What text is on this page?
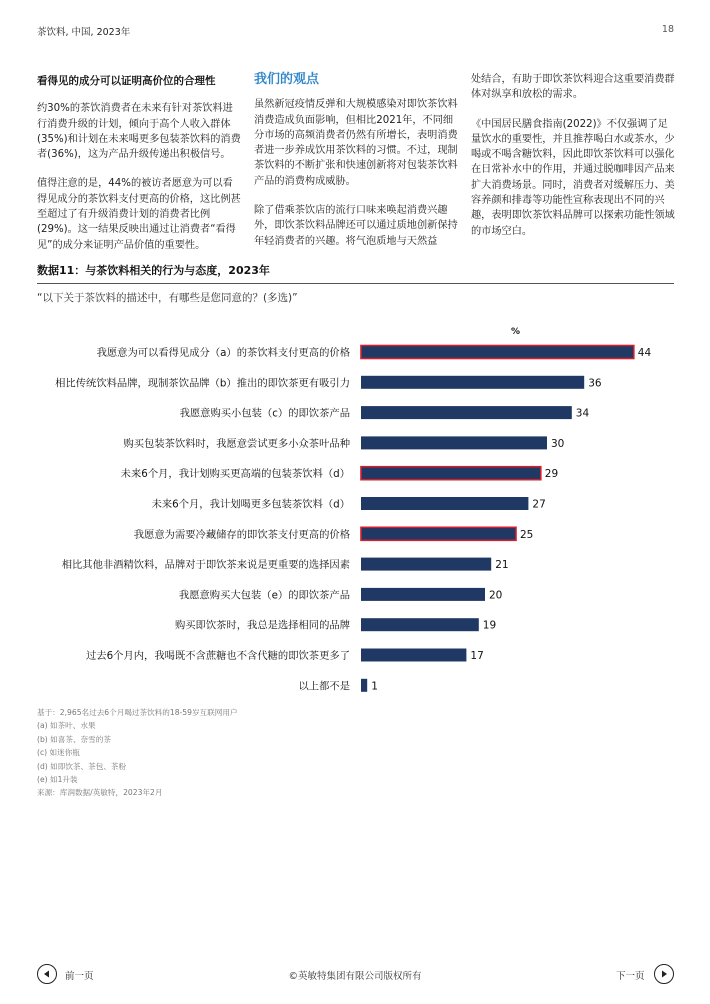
茶饮料, 中国, 2023年	18
看得见的成分可以证明高价位的合理性

约30%的茶饮消费者在未来有针对茶饮料进行消费升级的计划，倾向于高个人收入群体(35%)和计划在未来喝更多包装茶饮料的消费者(36%)，这为产品升级传递出积极信号。

值得注意的是，44%的被访者愿意为可以看得见成分的茶饮料支付更高的价格，这比例甚至超过了有升级消费计划的消费者比例(29%)。这一结果反映出通过让消费者“看得见”的成分来证明产品价值的重要性。

我们的观点

虽然新冠疫情反弹和大规模感染对即饮茶饮料消费造成负面影响，但相比2021年，不同细分市场的高频消费者仍然有所增长，表明消费者进一步养成饮用茶饮料的习惯。不过，现制茶饮料的不断扩张和快速创新将对包装茶饮料产品的消费构成威胁。

除了借乘茶饮店的流行口味来唤起消费兴趣外，即饮茶饮料品牌还可以通过质地创新保持年轻消费者的兴趣。将气泡质地与天然益

处结合，有助于即饮茶饮料迎合这重要消费群体对纵享和放松的需求。

《中国居民膳食指南(2022)》不仅强调了足量饮水的重要性，并且推荐喝白水或茶水，少喝或不喝含糖饮料，因此即饮茶饮料可以强化在日常补水中的作用，并通过脱咖啡因产品来扩大消费场景。同时，消费者对缓解压力、美容养颜和排毒等功能性宣称表现出不同的兴趣，表明即饮茶饮料品牌可以探索功能性领域的市场空白。

数据11：与茶饮料相关的行为与态度，2023年
“以下关于茶饮料的描述中，有哪些是您同意的？(多选)”
%
我愿意为可以看得见成分（a）的茶饮料支付更高的价格	44
相比传统饮料品牌，现制茶饮品牌（b）推出的即饮茶更有吸引力	36
我愿意购买小包装（c）的即饮茶产品	34
购买包装茶饮料时，我愿意尝试更多小众茶叶品种	30
未来6个月，我计划购买更高端的包装茶饮料（d）	29
未来6个月，我计划喝更多包装茶饮料（d）	27
我愿意为需要冷藏储存的即饮茶支付更高的价格	25
相比其他非酒精饮料，品牌对于即饮茶来说是更重要的选择因素	21
我愿意购买大包装（e）的即饮茶产品	20
购买即饮茶时，我总是选择相同的品牌	19
过去6个月内，我喝既不含蔗糖也不含代糖的即饮茶更多了	17
以上都不是 1
基于：2,965名过去6个月喝过茶饮料的18-59岁互联网用户
(a) 如茶叶、水果
(b) 如喜茶、奈雪的茶
(c) 如迷你瓶
(d) 如即饮茶、茶包、茶粉
(e) 如1升装
来源：库润数据/英敏特，2023年2月
前一页	©英敏特集团有限公司版权所有	下一页
